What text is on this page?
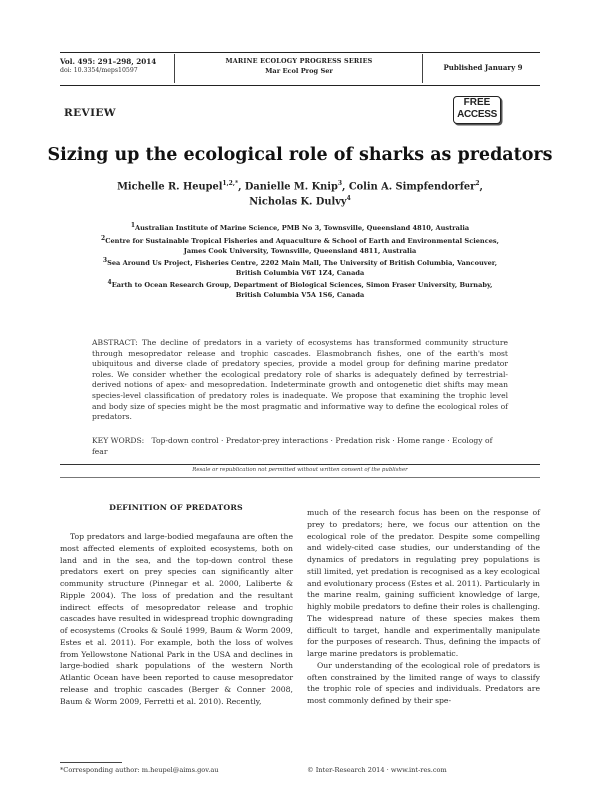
Vol. 495: 291–298, 2014
doi: 10.3354/meps10597
MARINE ECOLOGY PROGRESS SERIES
Mar Ecol Prog Ser	Published January 9
REVIEW
FREE
ACCESS
Sizing up the ecological role of sharks as predators
Michelle R. Heupel$^{1,2,*}$, Danielle M. Knip$^3$, Colin A. Simpfendorfer$^2$,
Nicholas K. Dulvy$^4$
$^1$Australian Institute of Marine Science, PMB No 3, Townsville, Queensland 4810, Australia
$^2$Centre for Sustainable Tropical Fisheries and Aquaculture & School of Earth and Environmental Sciences,
James Cook University, Townsville, Queensland 4811, Australia
$^3$Sea Around Us Project, Fisheries Centre, 2202 Main Mall, The University of British Columbia, Vancouver,
British Columbia V6T 1Z4, Canada
$^4$Earth to Ocean Research Group, Department of Biological Sciences, Simon Fraser University, Burnaby,
British Columbia V5A 1S6, Canada
ABSTRACT: The decline of predators in a variety of ecosystems has transformed community structure through mesopredator release and trophic cascades. Elasmobranch fishes, one of the earth's most ubiquitous and diverse clade of predatory species, provide a model group for defining marine predator roles. We consider whether the ecological predatory role of sharks is adequately defined by terrestrial-derived notions of apex- and mesopredation. Indeterminate growth and ontogenetic diet shifts may mean species-level classification of predatory roles is inadequate. We propose that examining the trophic level and body size of species might be the most pragmatic and informative way to define the ecological roles of predators.
KEY WORDS: Top-down control · Predator-prey interactions · Predation risk · Home range · Ecology of fear
Resale or republication not permitted without written consent of the publisher
DEFINITION OF PREDATORS

Top predators and large-bodied megafauna are often the most affected elements of exploited ecosystems, both on land and in the sea, and the top-down control these predators exert on prey species can significantly alter community structure (Pinnegar et al. 2000, Laliberte & Ripple 2004). The loss of predation and the resultant indirect effects of mesopredator release and trophic cascades have resulted in widespread trophic downgrading of ecosystems (Crooks & Soulé 1999, Baum & Worm 2009, Estes et al. 2011). For example, both the loss of wolves from Yellowstone National Park in the USA and declines in large-bodied shark populations of the western North Atlantic Ocean have been reported to cause mesopredator release and trophic cascades (Berger & Conner 2008, Baum & Worm 2009, Ferretti et al. 2010). Recently,

much of the research focus has been on the response of prey to predators; here, we focus our attention on the ecological role of the predator. Despite some compelling and widely-cited case studies, our understanding of the dynamics of predators in regulating prey populations is still limited, yet predation is recognised as a key ecological and evolutionary process (Estes et al. 2011). Particularly in the marine realm, gaining sufficient knowledge of large, highly mobile predators to define their roles is challenging. The widespread nature of these species makes them difficult to target, handle and experimentally manipulate for the purposes of research. Thus, defining the impacts of large marine predators is problematic.

Our understanding of the ecological role of predators is often constrained by the limited range of ways to classify the trophic role of species and individuals. Predators are most commonly defined by their spe-

*Corresponding author: m.heupel@aims.gov.au	© Inter-Research 2014 · www.int-res.com
